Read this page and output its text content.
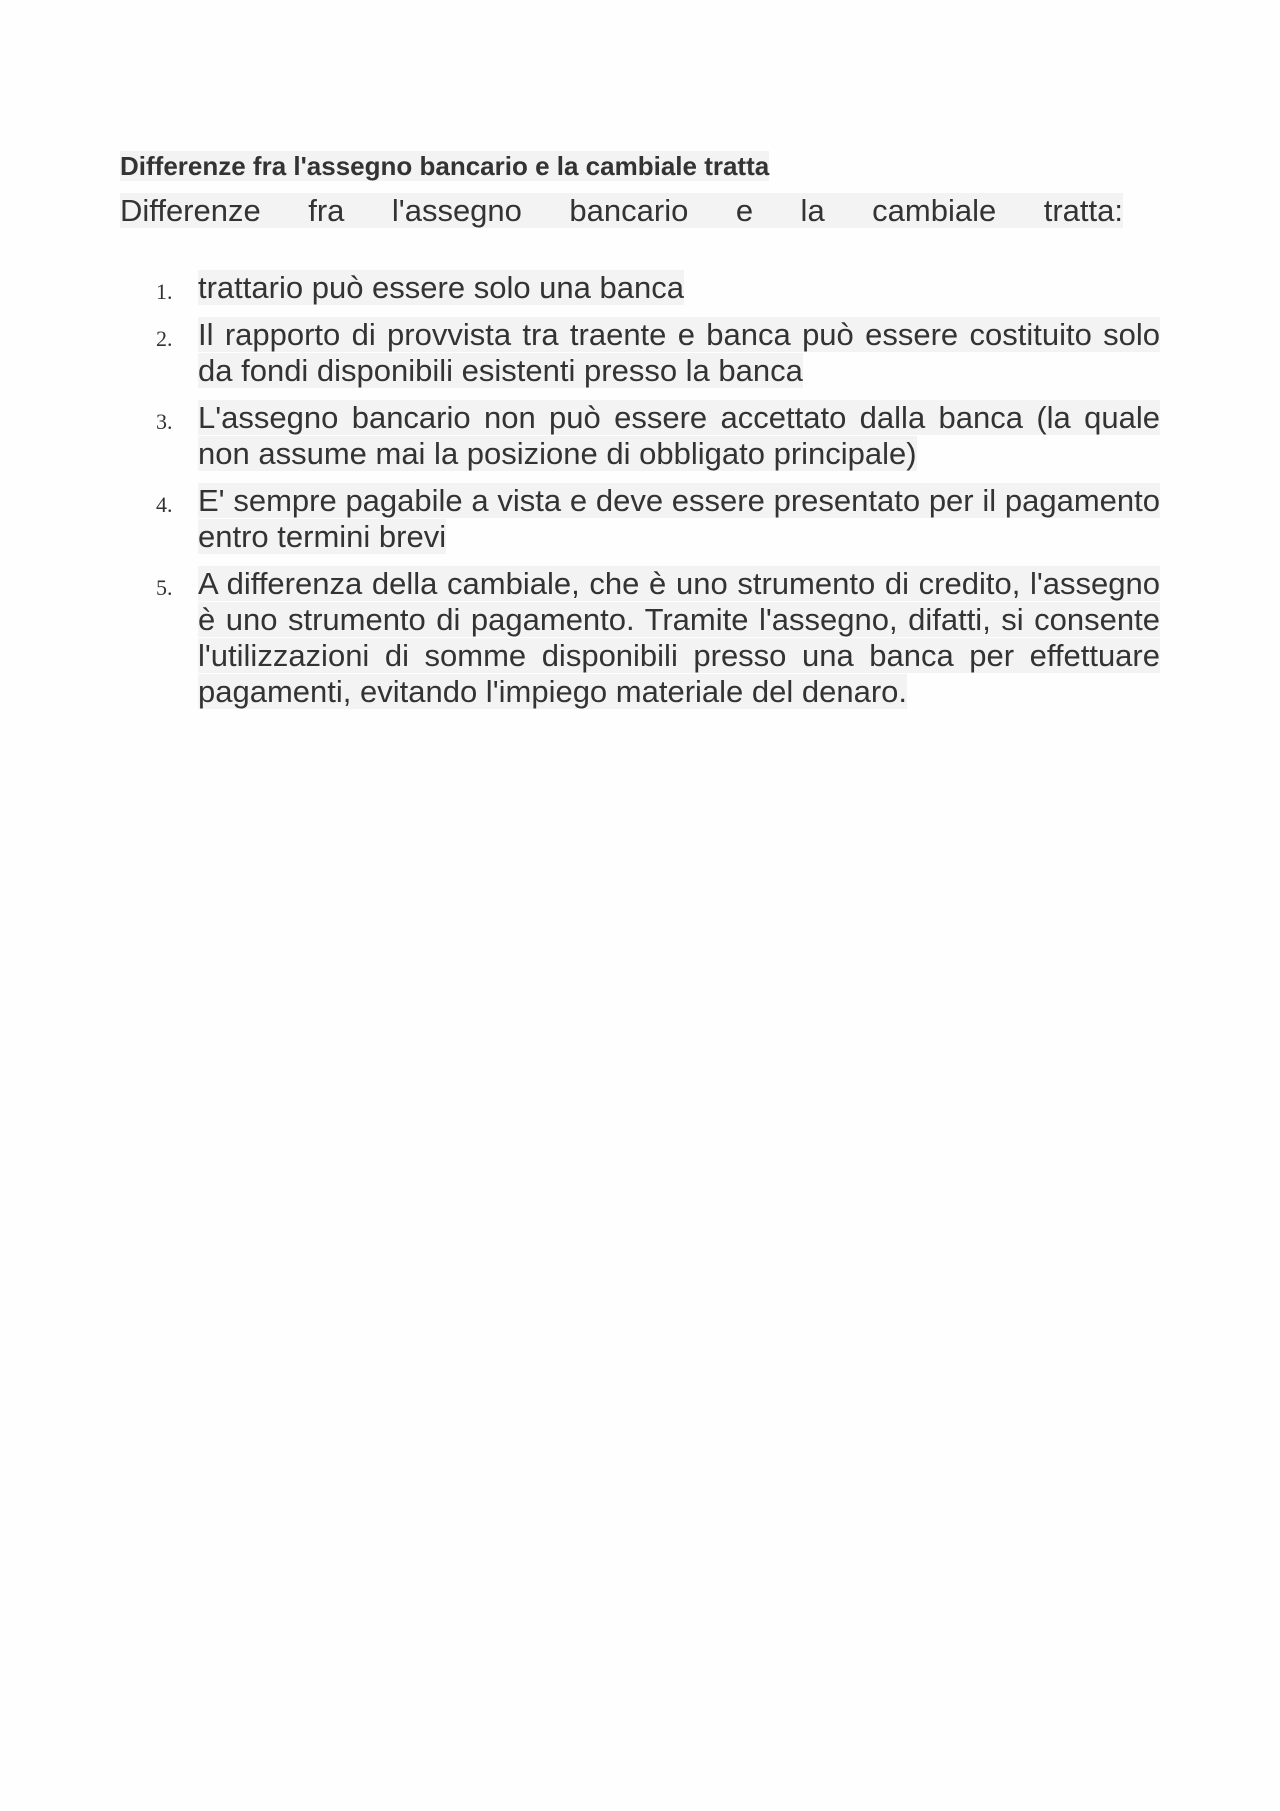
Differenze fra l'assegno bancario e la cambiale tratta

Differenze fra l'assegno bancario e la cambiale tratta:

1. trattario può essere solo una banca
2. Il rapporto di provvista tra traente e banca può essere costituito solo da fondi disponibili esistenti presso la banca
3. L'assegno bancario non può essere accettato dalla banca (la quale non assume mai la posizione di obbligato principale)
4. E' sempre pagabile a vista e deve essere presentato per il pagamento entro termini brevi
5. A differenza della cambiale, che è uno strumento di credito, l'assegno è uno strumento di pagamento. Tramite l'assegno, difatti, si consente l'utilizzazioni di somme disponibili presso una banca per effettuare pagamenti, evitando l'impiego materiale del denaro.
